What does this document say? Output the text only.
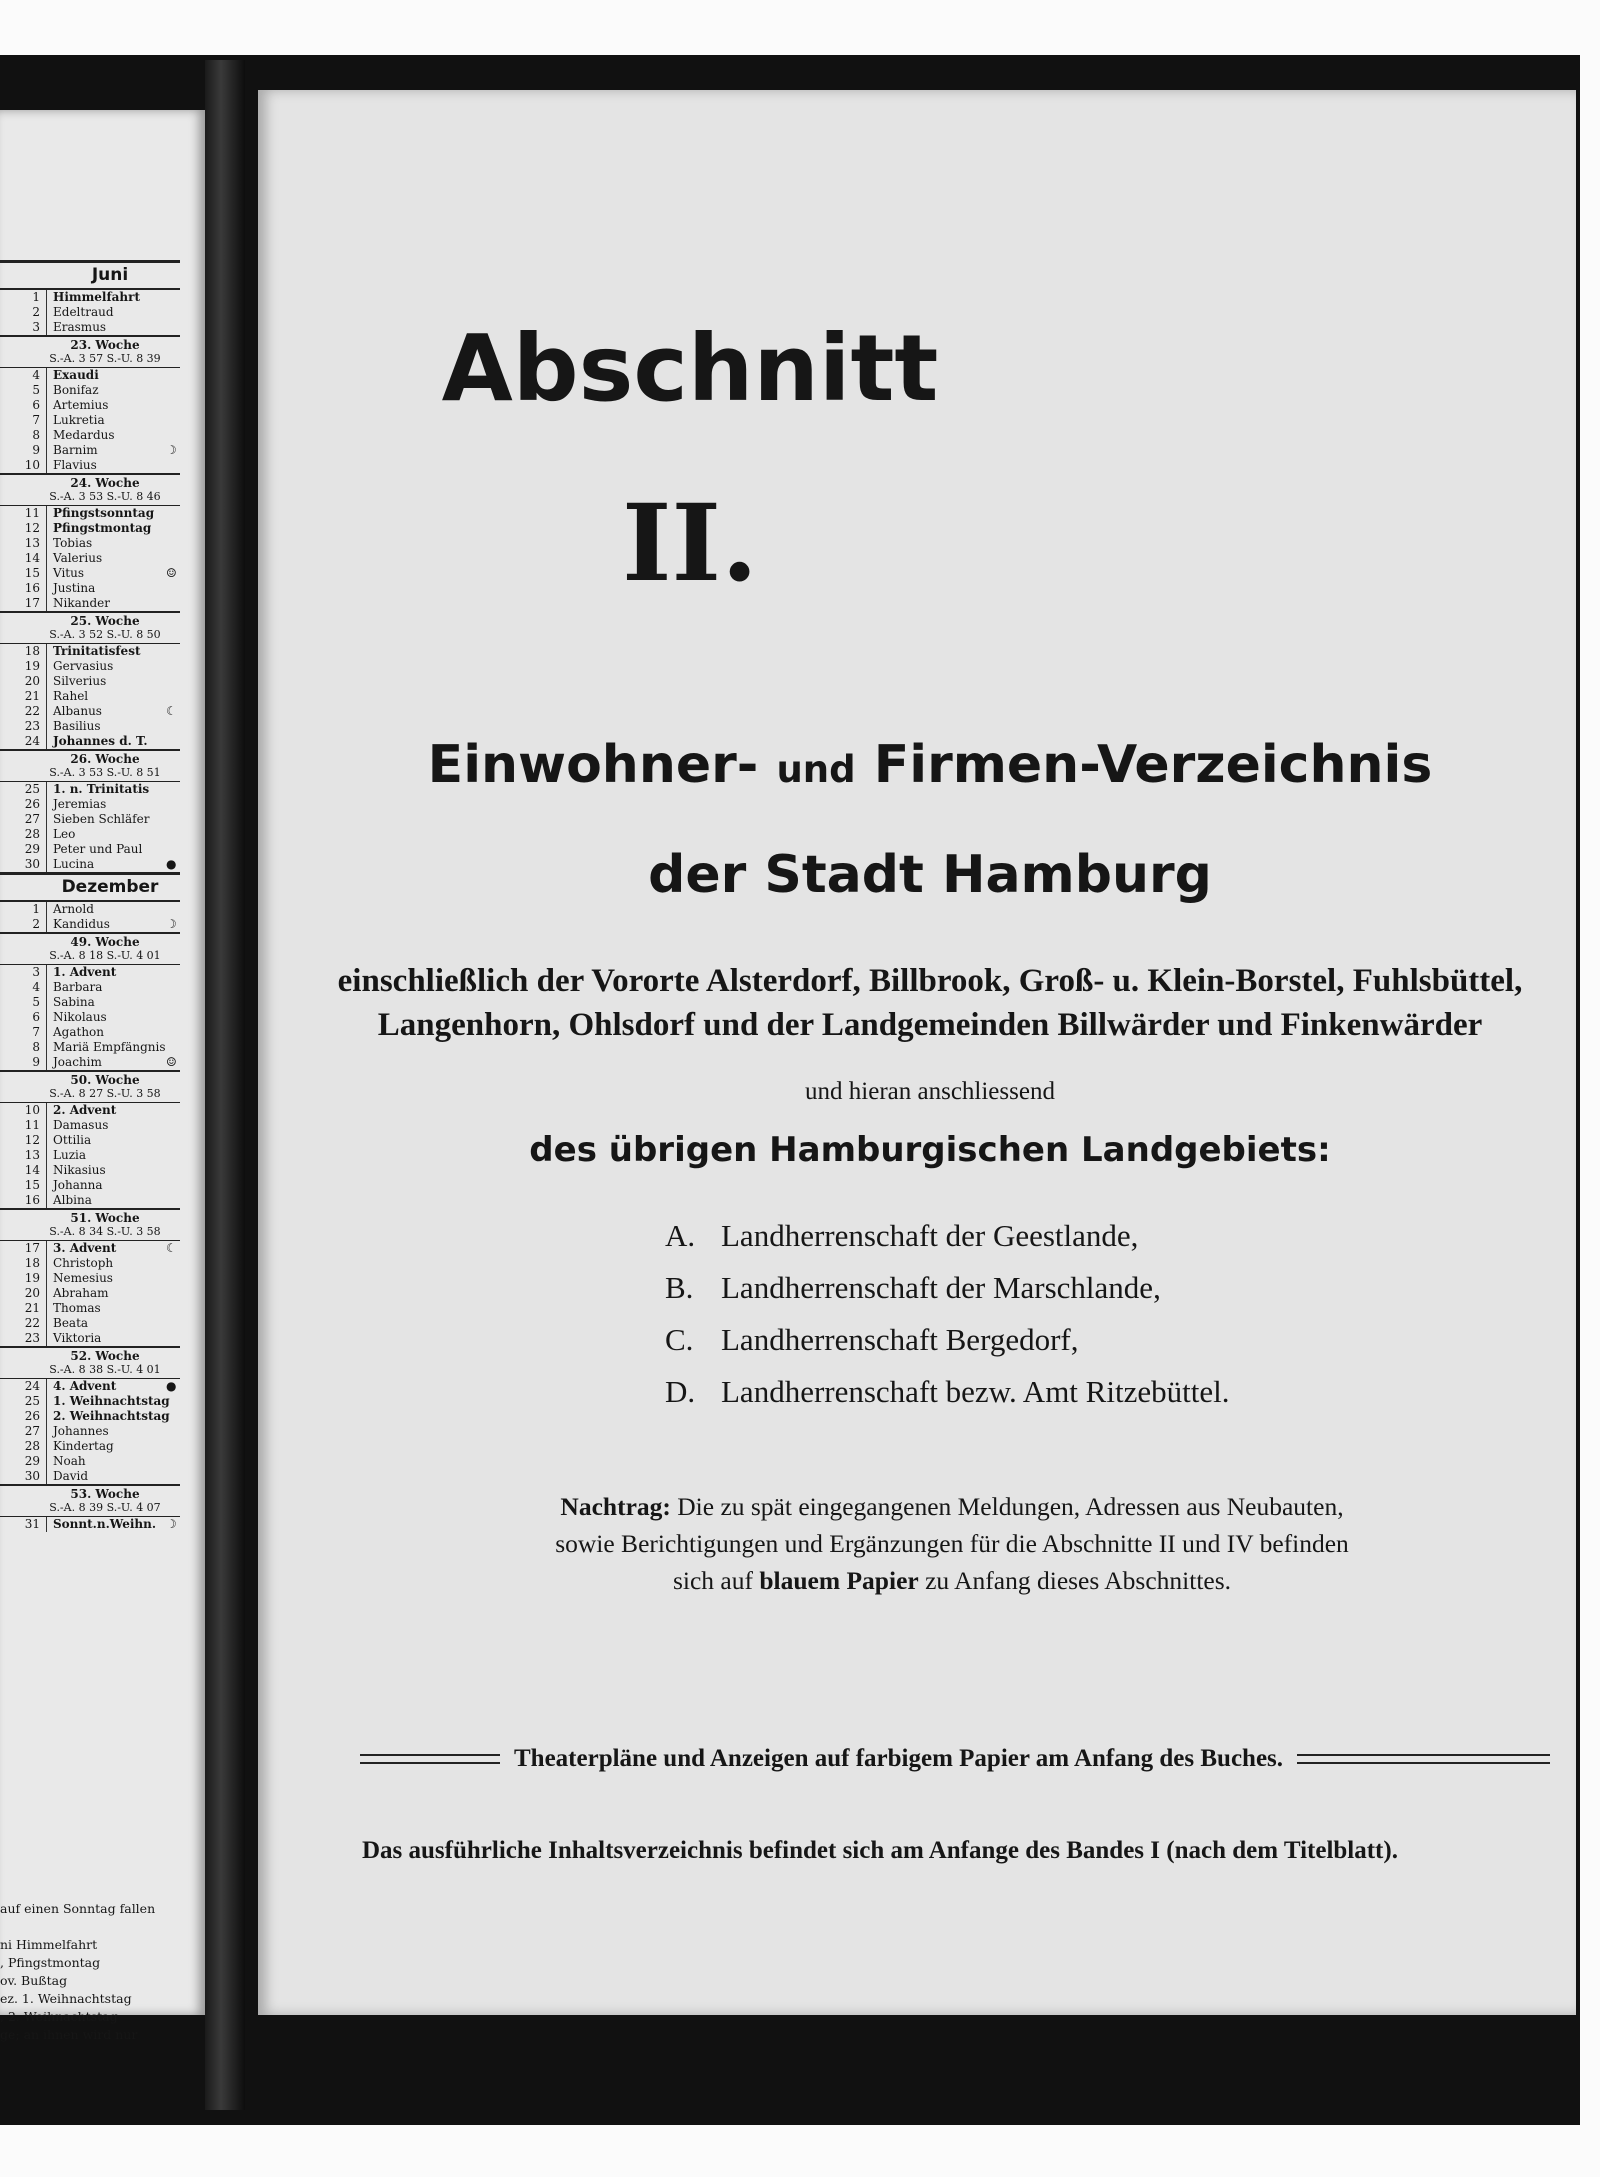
Juni
1	Himmelfahrt
2	Edeltraud
3	Erasmus
23. Woche
S.-A. 3 57 S.-U. 8 39
4	Exaudi
5	Bonifaz
6	Artemius
7	Lukretia
8	Medardus
9	Barnim	☽
10	Flavius
24. Woche
S.-A. 3 53 S.-U. 8 46
11	Pfingstsonntag
12	Pfingstmontag
13	Tobias
14	Valerius
15	Vitus	☺
16	Justina
17	Nikander
25. Woche
S.-A. 3 52 S.-U. 8 50
18	Trinitatisfest
19	Gervasius
20	Silverius
21	Rahel
22	Albanus	☾
23	Basilius
24	Johannes d. T.
26. Woche
S.-A. 3 53 S.-U. 8 51
25	1. n. Trinitatis
26	Jeremias
27	Sieben Schläfer
28	Leo
29	Peter und Paul
30	Lucina	●
Dezember
1	Arnold
2	Kandidus	☽
49. Woche
S.-A. 8 18 S.-U. 4 01
3	1. Advent
4	Barbara
5	Sabina
6	Nikolaus
7	Agathon
8	Mariä Empfängnis
9	Joachim	☺
50. Woche
S.-A. 8 27 S.-U. 3 58
10	2. Advent
11	Damasus
12	Ottilia
13	Luzia
14	Nikasius
15	Johanna
16	Albina
51. Woche
S.-A. 8 34 S.-U. 3 58
17	3. Advent	☾
18	Christoph
19	Nemesius
20	Abraham
21	Thomas
22	Beata
23	Viktoria
52. Woche
S.-A. 8 38 S.-U. 4 01
24	4. Advent	●
25	1. Weihnachtstag
26	2. Weihnachtstag
27	Johannes
28	Kindertag
29	Noah
30	David
53. Woche
S.-A. 8 39 S.-U. 4 07
31	Sonnt.n.Weihn. ☽
auf einen Sonntag fallen

ni Himmelfahrt
, Pfingstmontag
ov. Bußtag
ez. 1. Weihnachtstag
, 2. Weihnachtstag
ge; an ihnen wird nur
Abschnitt
II.
Einwohner- und Firmen-Verzeichnis
der Stadt Hamburg
einschließlich der Vororte Alsterdorf, Billbrook, Groß- u. Klein-Borstel, Fuhlsbüttel,
Langenhorn, Ohlsdorf und der Landgemeinden Billwärder und Finkenwärder
und hieran anschliessend
des übrigen Hamburgischen Landgebiets:
A. Landherrenschaft der Geestlande,
B. Landherrenschaft der Marschlande,
C. Landherrenschaft Bergedorf,
D. Landherrenschaft bezw. Amt Ritzebüttel.
Nachtrag: Die zu spät eingegangenen Meldungen, Adressen aus Neubauten,
sowie Berichtigungen und Ergänzungen für die Abschnitte II und IV befinden
sich auf blauem Papier zu Anfang dieses Abschnittes.
Theaterpläne und Anzeigen auf farbigem Papier am Anfang des Buches.
Das ausführliche Inhaltsverzeichnis befindet sich am Anfange des Bandes I (nach dem Titelblatt).
